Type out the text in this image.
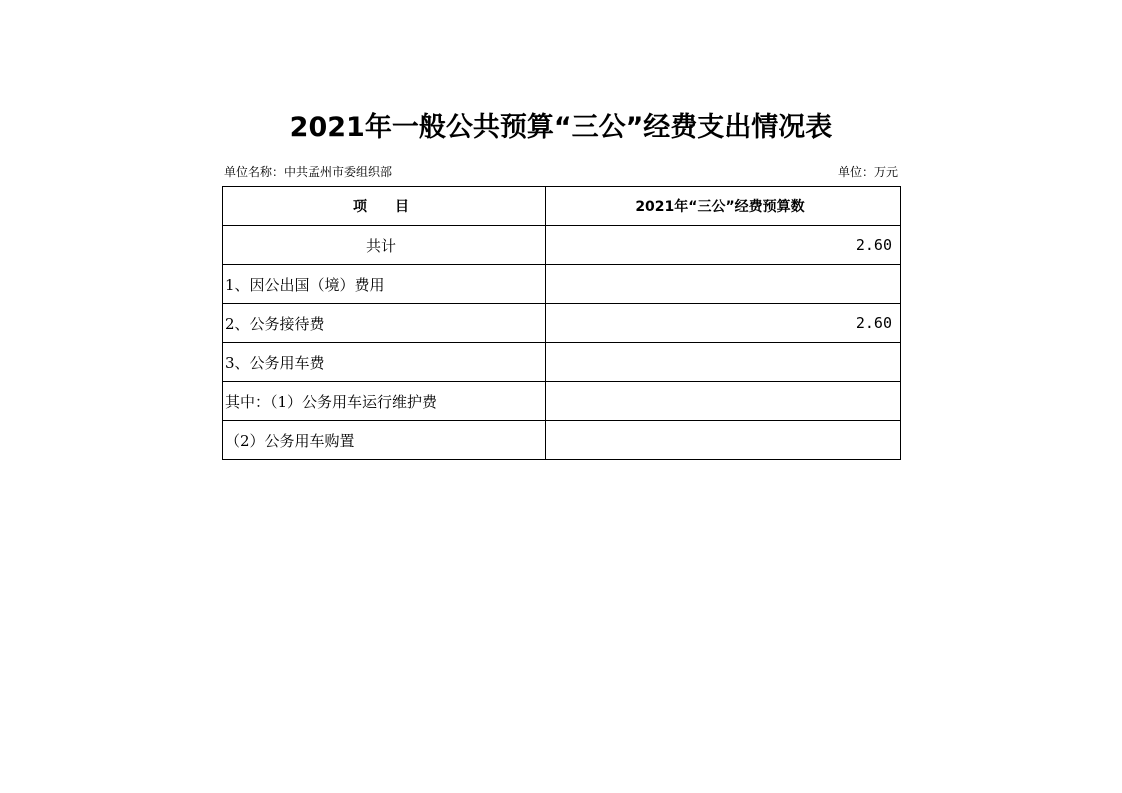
2021年一般公共预算“三公”经费支出情况表
单位名称：中共孟州市委组织部	单位：万元
项　　目	2021年“三公”经费预算数
共计	2.60
1、因公出国（境）费用	
2、公务接待费	2.60
3、公务用车费	
其中：（1）公务用车运行维护费	
（2）公务用车购置	
